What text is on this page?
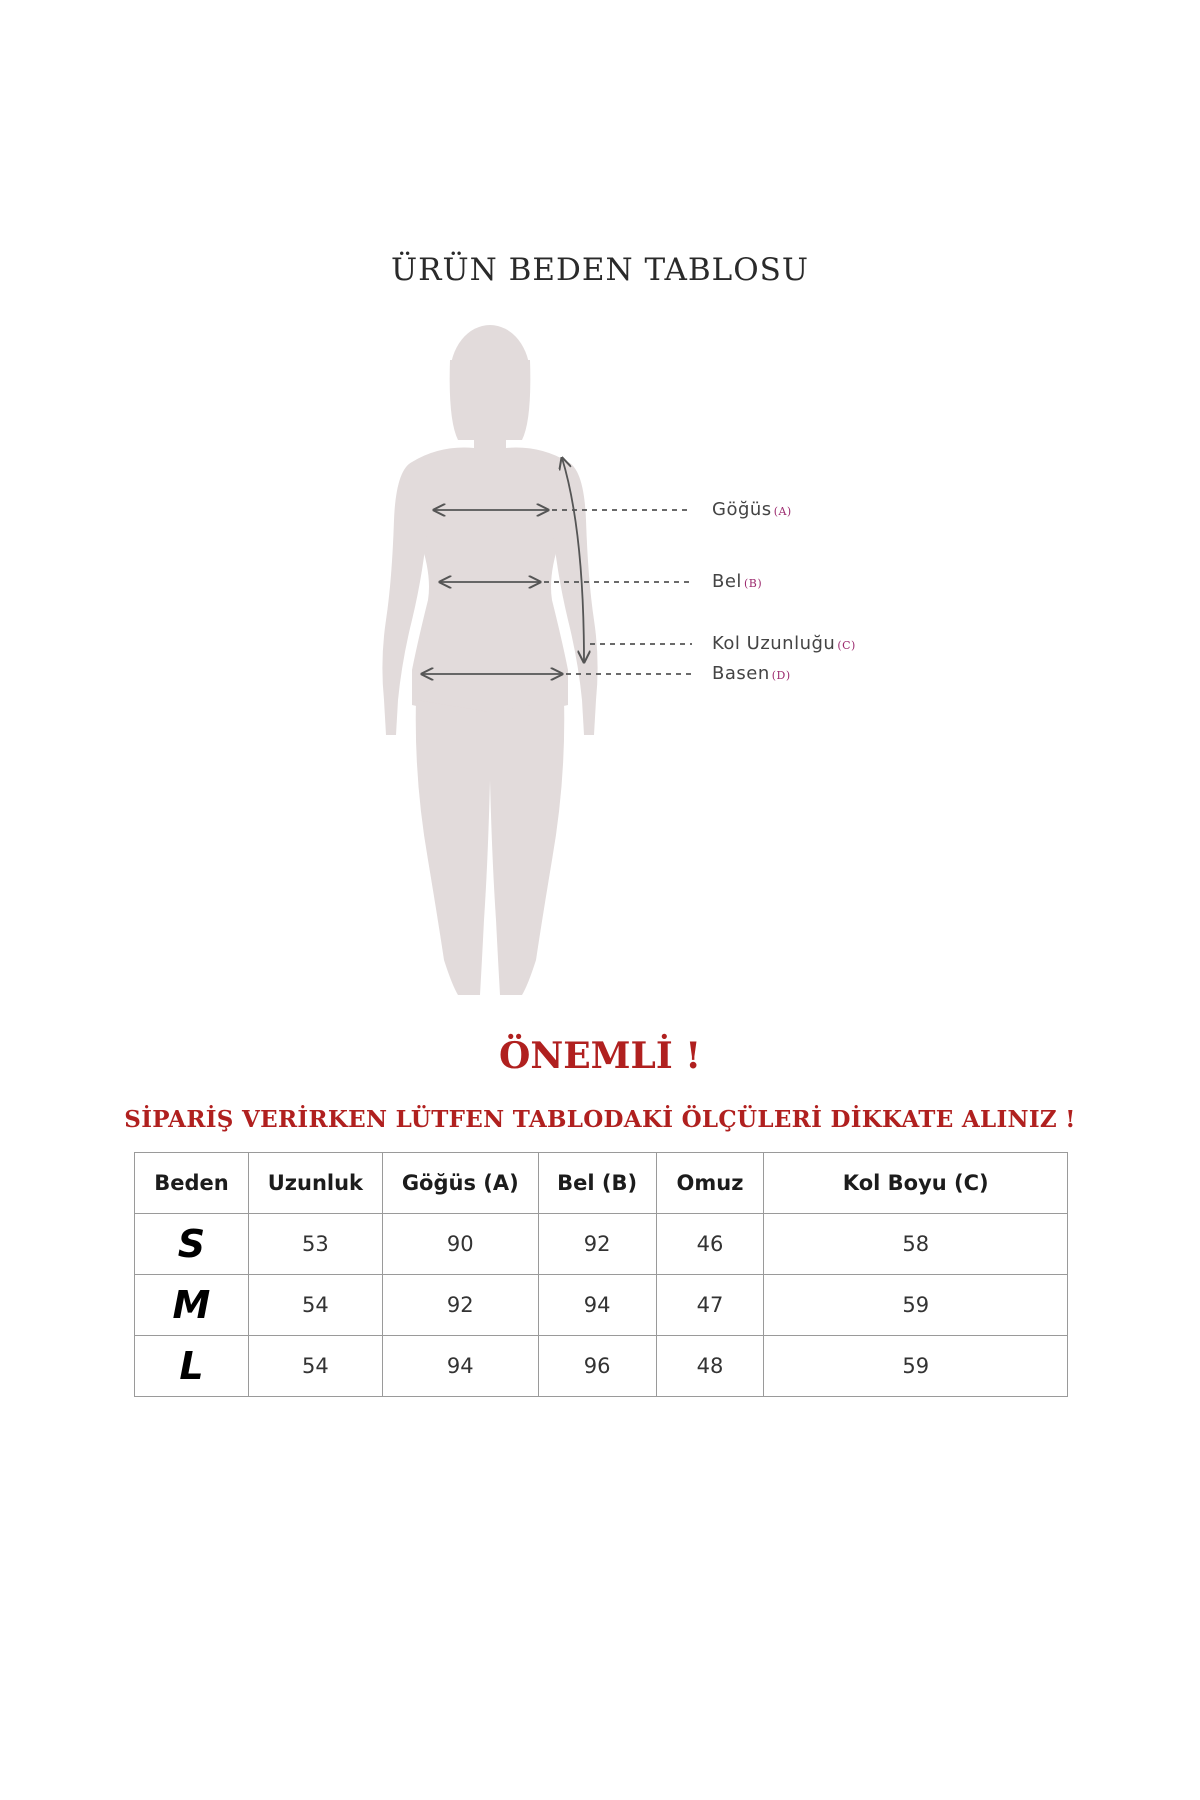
ÜRÜN BEDEN TABLOSU
Göğüs (A)
Bel (B)
Kol Uzunluğu (C)
Basen (D)
ÖNEMLİ !
SİPARİŞ VERİRKEN LÜTFEN TABLODAKİ ÖLÇÜLERİ DİKKATE ALINIZ !
Beden	Uzunluk	Göğüs (A)	Bel (B)	Omuz	Kol Boyu (C)
S	53	90	92	46	58
M	54	92	94	47	59
L	54	94	96	48	59
